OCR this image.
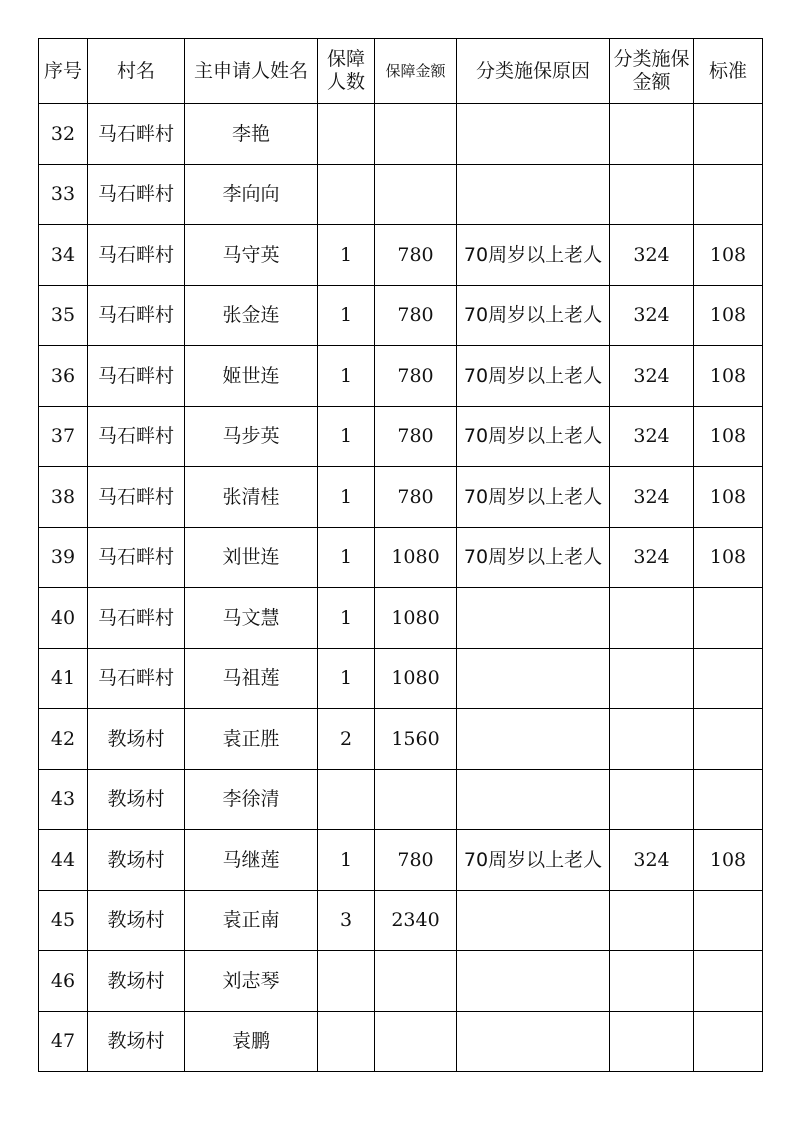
序号	村名	主申请人姓名	保障人数	保障金额	分类施保原因	分类施保金额	标准
32	马石畔村	李艳					
33	马石畔村	李向向					
34	马石畔村	马守英	1	780	70周岁以上老人	324	108
35	马石畔村	张金连	1	780	70周岁以上老人	324	108
36	马石畔村	姬世连	1	780	70周岁以上老人	324	108
37	马石畔村	马步英	1	780	70周岁以上老人	324	108
38	马石畔村	张清桂	1	780	70周岁以上老人	324	108
39	马石畔村	刘世连	1	1080	70周岁以上老人	324	108
40	马石畔村	马文慧	1	1080			
41	马石畔村	马祖莲	1	1080			
42	教场村	袁正胜	2	1560			
43	教场村	李徐清					
44	教场村	马继莲	1	780	70周岁以上老人	324	108
45	教场村	袁正南	3	2340			
46	教场村	刘志琴					
47	教场村	袁鹏					
